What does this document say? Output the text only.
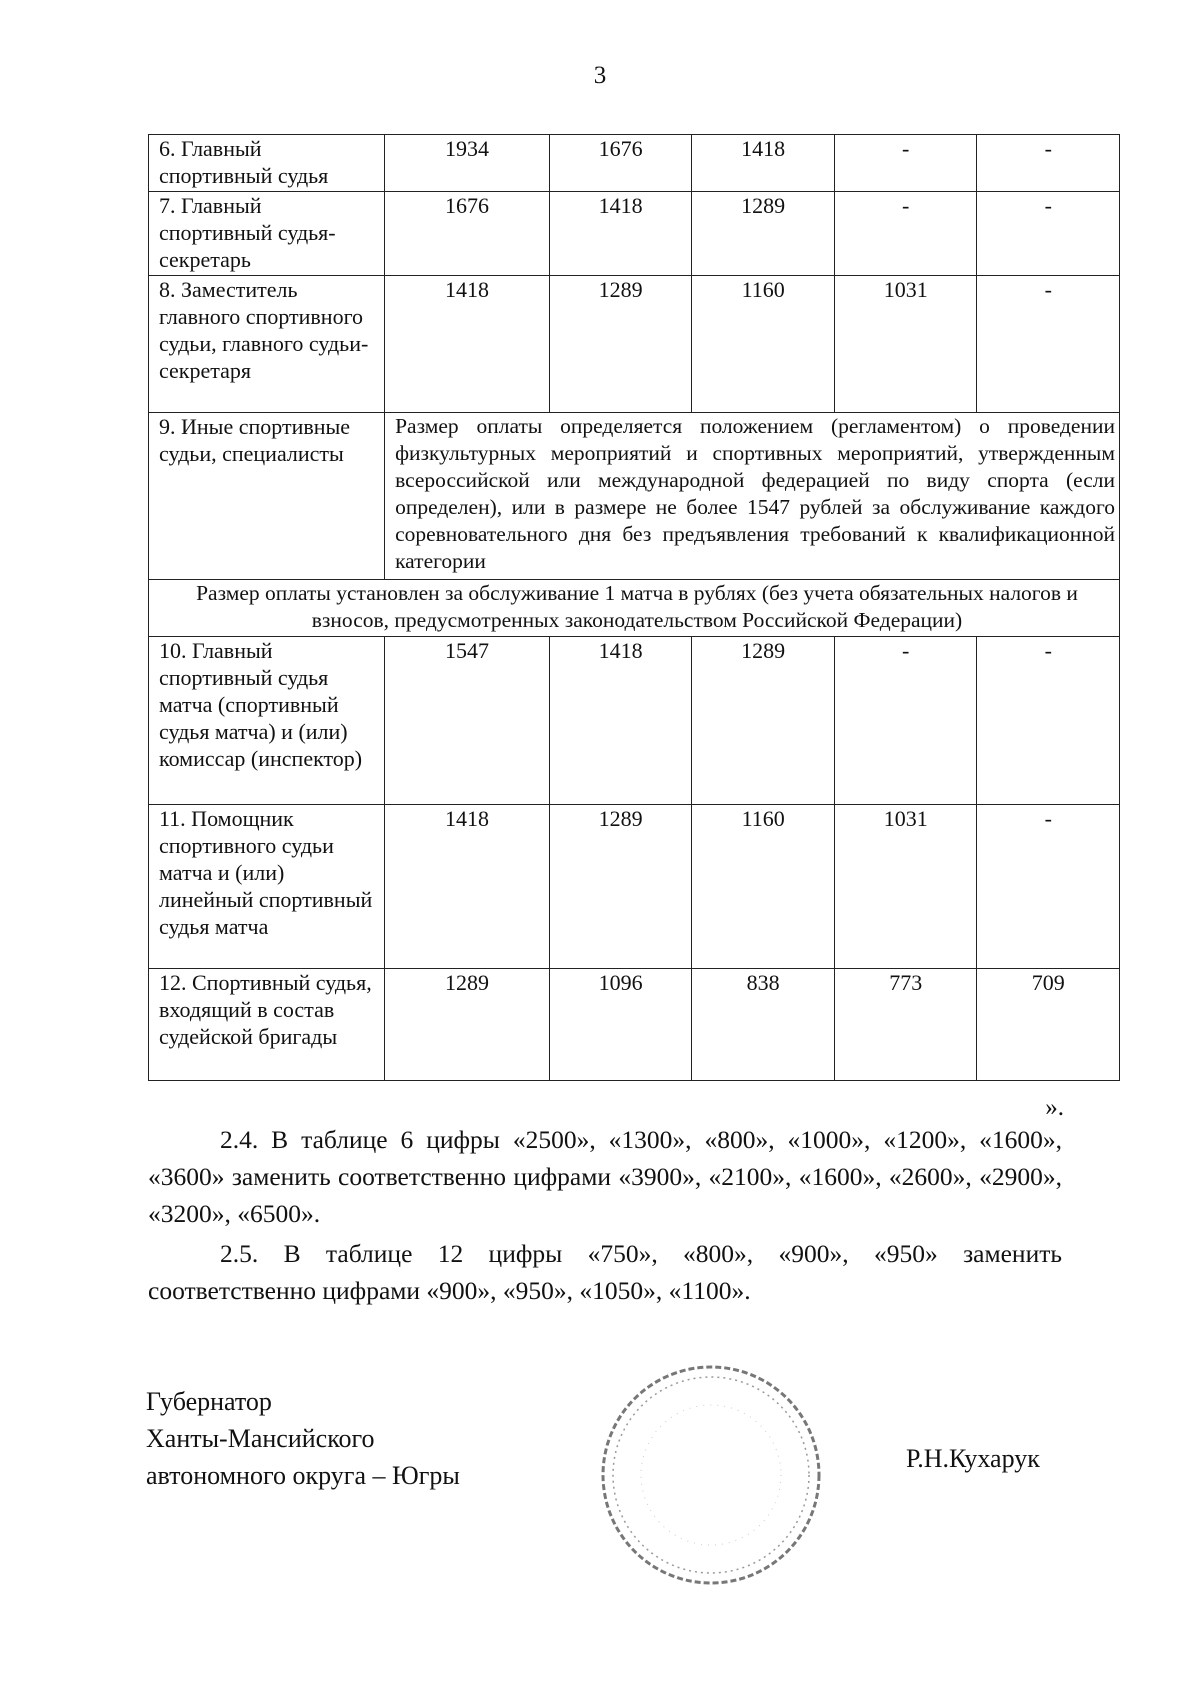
3
6. Главный спортивный судья	1934	1676	1418	-	-
7. Главный спортивный судья-секретарь	1676	1418	1289	-	-
8. Заместитель главного спортивного судьи, главного судьи-секретаря	1418	1289	1160	1031	-
9. Иные спортивные судьи, специалисты	Размер оплаты определяется положением (регламентом) о проведении физкультурных мероприятий и спортивных мероприятий, утвержденным всероссийской или международной федерацией по виду спорта (если определен), или в размере не более 1547 рублей за обслуживание каждого соревновательного дня без предъявления требований к квалификационной категории				
Размер оплаты установлен за обслуживание 1 матча в рублях (без учета обязательных налогов и взносов, предусмотренных законодательством Российской Федерации)					
10. Главный спортивный судья матча (спортивный судья матча) и (или) комиссар (инспектор)	1547	1418	1289	-	-
11. Помощник спортивного судьи матча и (или) линейный спортивный судья матча	1418	1289	1160	1031	-
12. Спортивный судья, входящий в состав судейской бригады	1289	1096	838	773	709
».

2.4. В таблице 6 цифры «2500», «1300», «800», «1000», «1200», «1600», «3600» заменить соответственно цифрами «3900», «2100», «1600», «2600», «2900», «3200», «6500».

2.5. В таблице 12 цифры «750», «800», «900», «950» заменить соответственно цифрами «900», «950», «1050», «1100».

Губернатор
Ханты-Мансийского
автономного округа – Югры
Р.Н.Кухарук
